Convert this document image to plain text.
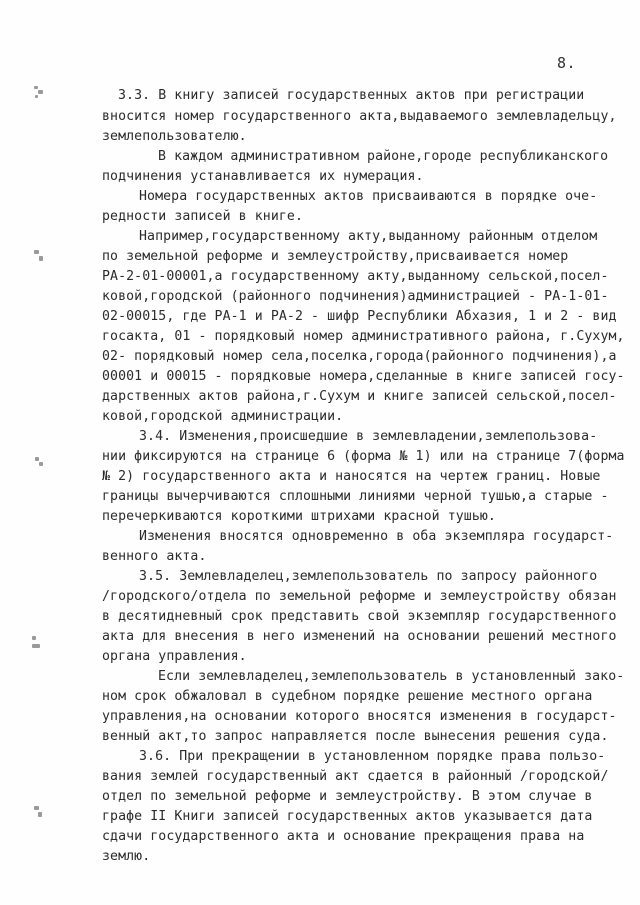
8.
3.3. В книгу записей государственных актов при регистрации
вносится номер государственного акта,выдаваемого землевладельцу,
землепользователю.
В каждом административном районе,городе республиканского
подчинения устанавливается их нумерация.
Номера государственных актов присваиваются в порядке оче-
редности записей в книге.
Например,государственному акту,выданному районным отделом
по земельной реформе и землеустройству,присваивается номер
РА-2-01-00001,а государственному акту,выданному сельской,посел-
ковой,городской (районного подчинения)администрацией - РА-1-01-
02-00015, где РА-1 и РА-2 - шифр Республики Абхазия, 1 и 2 - вид
госакта, 01 - порядковый номер административного района, г.Сухум,
02- порядковый номер села,поселка,города(районного подчинения),а
00001 и 00015 - порядковые номера,сделанные в книге записей госу-
дарственных актов района,г.Сухум и книге записей сельской,посел-
ковой,городской администрации.
3.4. Изменения,происшедшие в землевладении,землепользова-
нии фиксируются на странице 6 (форма № 1) или на странице 7(форма
№ 2) государственного акта и наносятся на чертеж границ. Новые
границы вычерчиваются сплошными линиями черной тушью,а старые -
перечеркиваются короткими штрихами красной тушью.
Изменения вносятся одновременно в оба экземпляра государст-
венного акта.
3.5. Землевладелец,землепользователь по запросу районного
/городского/отдела по земельной реформе и землеустройству обязан
в десятидневный срок представить свой экземпляр государственного
акта для внесения в него изменений на основании решений местного
органа управления.
Если землевладелец,землепользователь в установленный зако-
ном срок обжаловал в судебном порядке решение местного органа
управления,на основании которого вносятся изменения в государст-
венный акт,то запрос направляется после вынесения решения суда.
3.6. При прекращении в установленном порядке права пользо-
вания землей государственный акт сдается в районный /городской/
отдел по земельной реформе и землеустройству. В этом случае в
графе II Книги записей государственных актов указывается дата
сдачи государственного акта и основание прекращения права на
землю.
